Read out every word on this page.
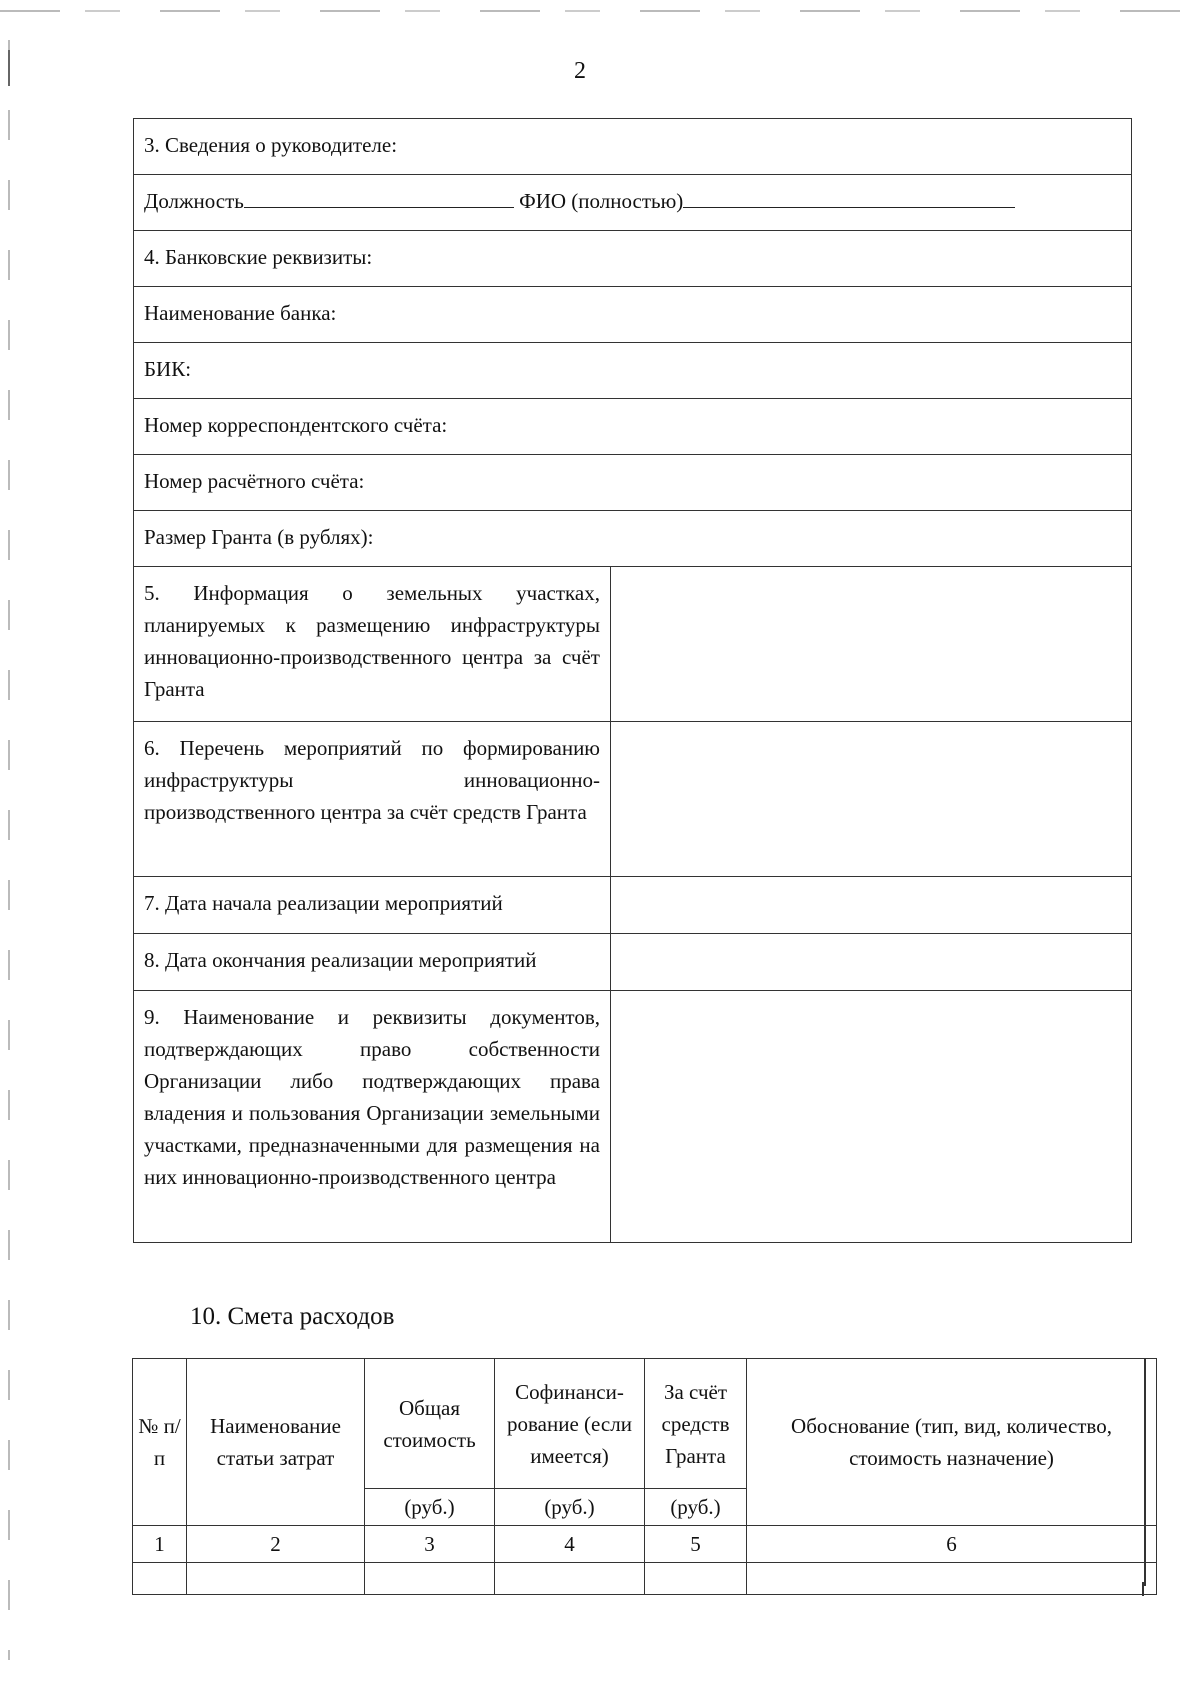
2
3. Сведения о руководителе:	
Должность ФИО (полностью)	
4. Банковские реквизиты:	
Наименование банка:	
БИК:	
Номер корреспондентского счёта:	
Номер расчётного счёта:	
Размер Гранта (в рублях):	
5. Информация о земельных участках, планируемых к размещению инфраструктуры инновационно-производственного центра за счёт Гранта	
6. Перечень мероприятий по формированию инфраструктуры инновационно- производственного центра за счёт средств Гранта	
7. Дата начала реализации мероприятий	
8. Дата окончания реализации мероприятий	
9. Наименование и реквизиты документов, подтверждающих право собственности Организации либо подтверждающих права владения и пользования Организации земельными участками, предназначенными для размещения на них инновационно-производственного центра	
10. Смета расходов
№ п/п	Наименование статьи затрат	Общая стоимость	Софинанси-рование (если имеется)	За счёт средств Гранта	Обоснование (тип, вид, количество, стоимость назначение)
		(руб.)	(руб.)	(руб.)	
1	2	3	4	5	6
